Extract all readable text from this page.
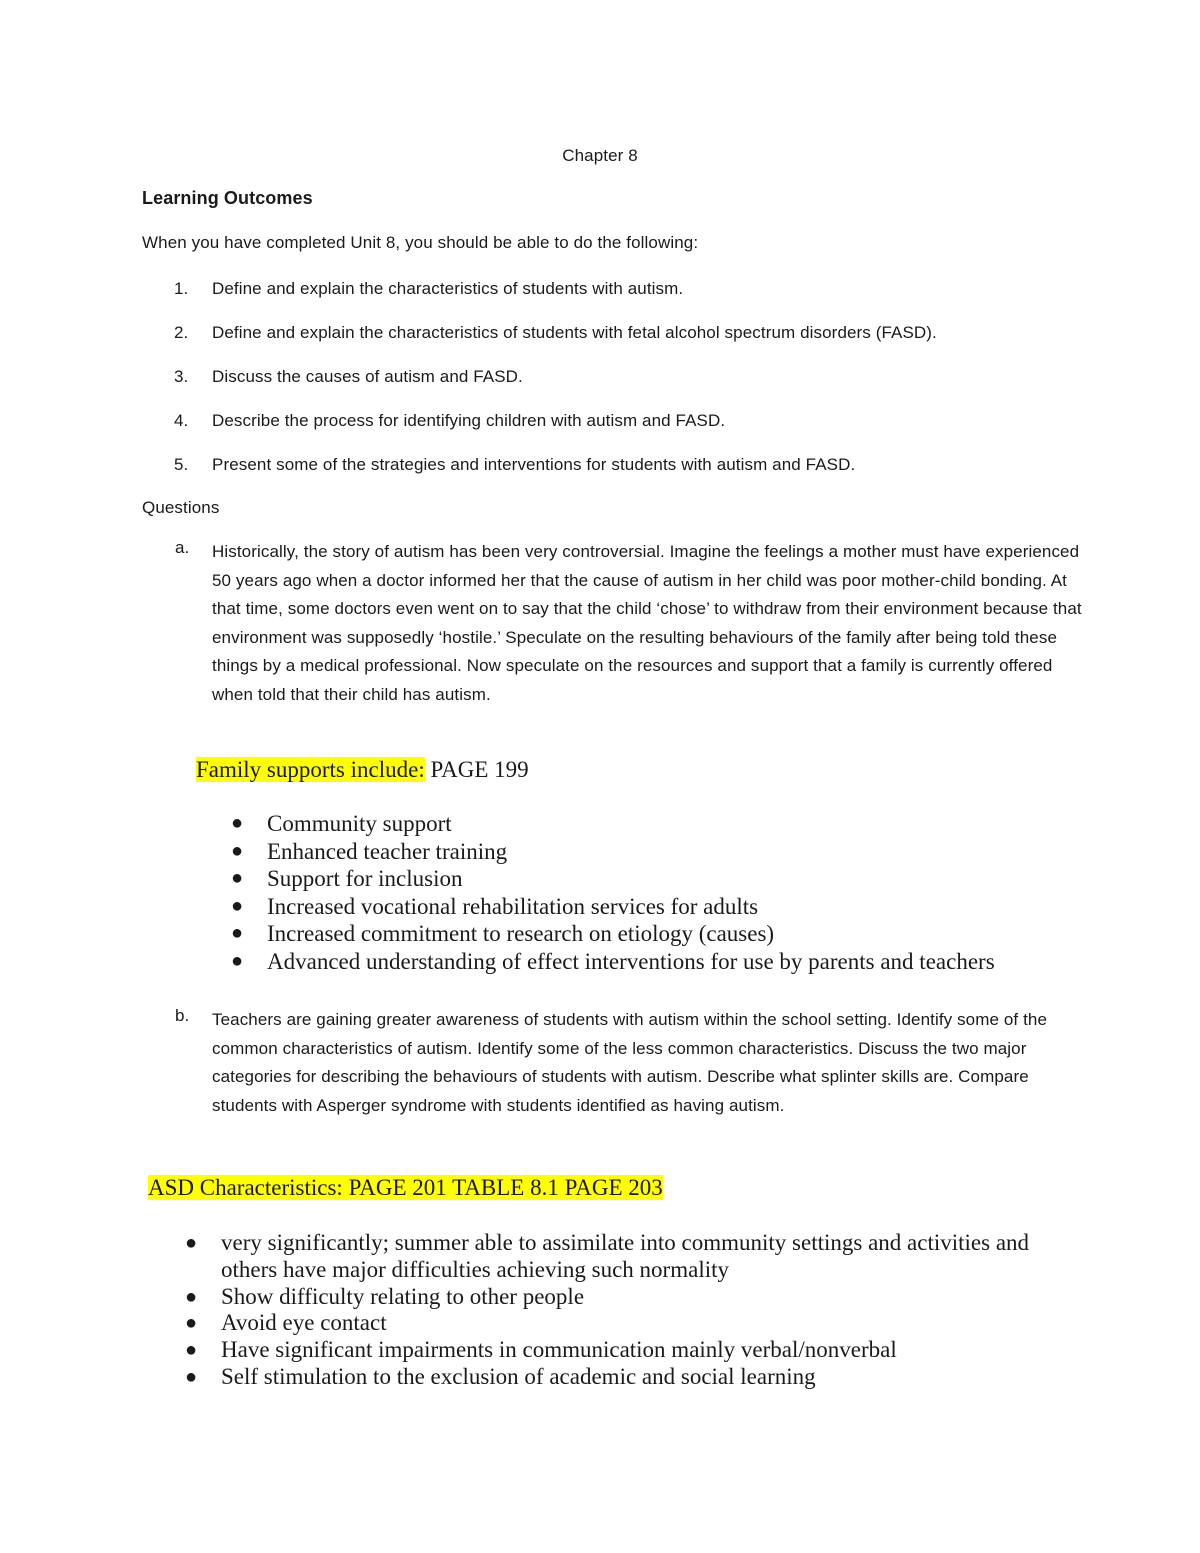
Chapter 8
Learning Outcomes
When you have completed Unit 8, you should be able to do the following:
1.	Define and explain the characteristics of students with autism.
2.	Define and explain the characteristics of students with fetal alcohol spectrum disorders (FASD).
3.	Discuss the causes of autism and FASD.
4.	Describe the process for identifying children with autism and FASD.
5.	Present some of the strategies and interventions for students with autism and FASD.
Questions
a. Historically, the story of autism has been very controversial. Imagine the feelings a mother must have experienced 50 years ago when a doctor informed her that the cause of autism in her child was poor mother-child bonding. At that time, some doctors even went on to say that the child ‘chose’ to withdraw from their environment because that environment was supposedly ‘hostile.’ Speculate on the resulting behaviours of the family after being told these things by a medical professional. Now speculate on the resources and support that a family is currently offered when told that their child has autism.
Family supports include: PAGE 199
● Community support
● Enhanced teacher training
● Support for inclusion
● Increased vocational rehabilitation services for adults
● Increased commitment to research on etiology (causes)
● Advanced understanding of effect interventions for use by parents and teachers
b. Teachers are gaining greater awareness of students with autism within the school setting. Identify some of the common characteristics of autism. Identify some of the less common characteristics. Discuss the two major categories for describing the behaviours of students with autism. Describe what splinter skills are. Compare students with Asperger syndrome with students identified as having autism.
ASD Characteristics: PAGE 201 TABLE 8.1 PAGE 203
● very significantly; summer able to assimilate into community settings and activities and others have major difficulties achieving such normality
● Show difficulty relating to other people
● Avoid eye contact
● Have significant impairments in communication mainly verbal/nonverbal
● Self stimulation to the exclusion of academic and social learning
